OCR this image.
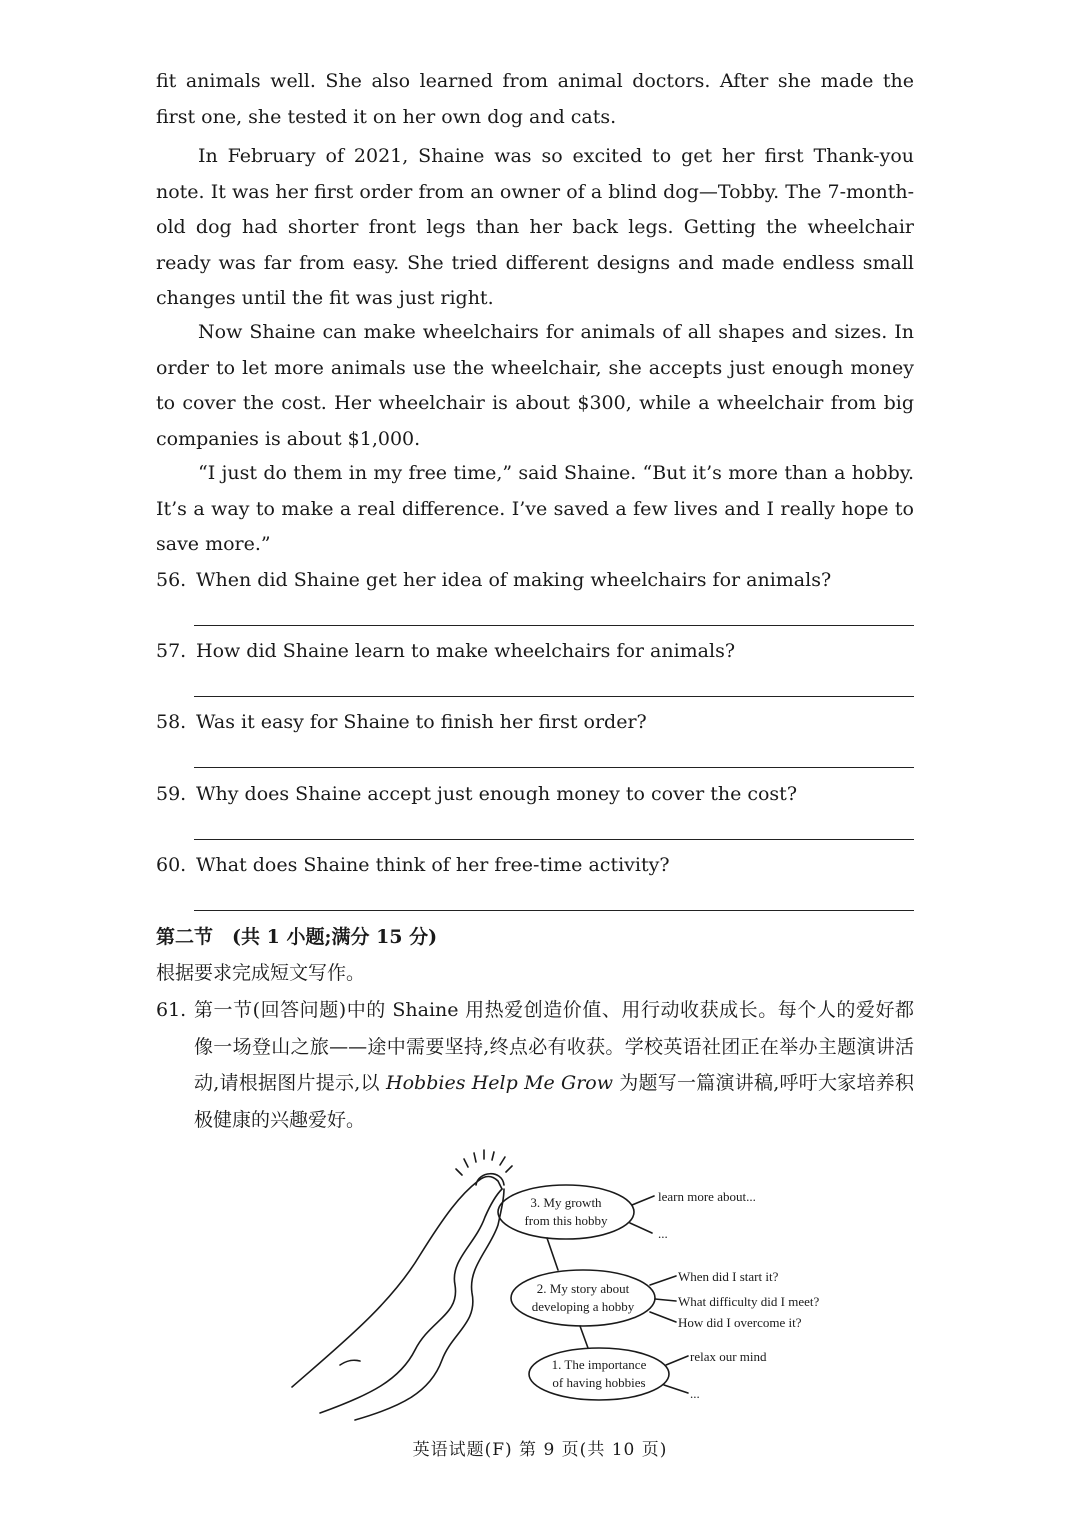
fit animals well. She also learned from animal doctors. After she made the first one, she tested it on her own dog and cats.

In February of 2021, Shaine was so excited to get her first Thank-you note. It was her first order from an owner of a blind dog—Tobby. The 7-month-old dog had shorter front legs than her back legs. Getting the wheelchair ready was far from easy. She tried different designs and made endless small changes until the fit was just right.

Now Shaine can make wheelchairs for animals of all shapes and sizes. In order to let more animals use the wheelchair, she accepts just enough money to cover the cost. Her wheelchair is about $300, while a wheelchair from big companies is about $1,000.

“I just do them in my free time,” said Shaine. “But it’s more than a hobby. It’s a way to make a real difference. I’ve saved a few lives and I really hope to save more.”

56. When did Shaine get her idea of making wheelchairs for animals?
57. How did Shaine learn to make wheelchairs for animals?
58. Was it easy for Shaine to finish her first order?
59. Why does Shaine accept just enough money to cover the cost?
60. What does Shaine think of her free-time activity?

第二节　(共 1 小题;满分 15 分)

根据要求完成短文写作。

61. 第一节(回答问题)中的 Shaine 用热爱创造价值、用行动收获成长。每个人的爱好都像一场登山之旅——途中需要坚持,终点必有收获。学校英语社团正在举办主题演讲活动,请根据图片提示,以 Hobbies Help Me Grow 为题写一篇演讲稿,呼吁大家培养积极健康的兴趣爱好。
3. My growth
from this hobby
2. My story about
developing a hobby
1. The importance
of having hobbies
learn more about...
...
When did I start it?
What difficulty did I meet?
How did I overcome it?
relax our mind
...
英语试题(F) 第 9 页(共 10 页)
